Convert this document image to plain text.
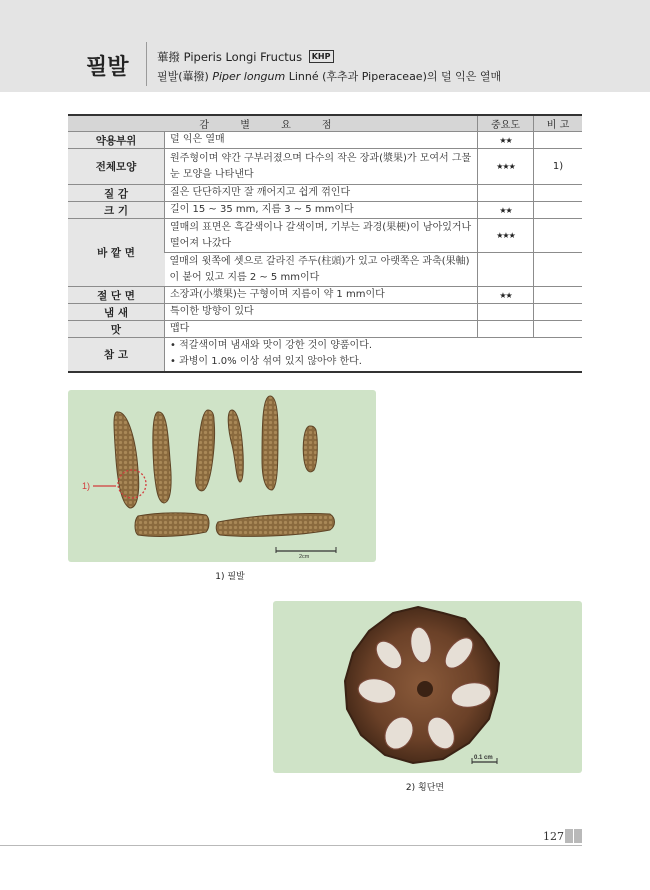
필발 蓽撥 Piperis Longi Fructus KHP
필발(蓽撥) Piper longum Linné (후추과 Piperaceae)의 덜 익은 열매
감 별 요 점		중요도	비 고
약용부위	덜 익은 열매	★★	
전체모양	원주형이며 약간 구부러졌으며 다수의 작은 장과(漿果)가 모여서 그물눈 모양을 나타낸다	★★★	1)
질 감	질은 단단하지만 잘 깨어지고 쉽게 꺾인다		
크 기	길이 15 ~ 35 mm, 지름 3 ~ 5 mm이다	★★	
바 깥 면	열매의 표면은 흑갈색이나 갈색이며, 기부는 과경(果梗)이 남아있거나 떨어져 나갔다	★★★	
	열매의 윗쪽에 셋으로 갈라진 주두(柱頭)가 있고 아랫쪽은 과축(果軸)이 붙어 있고 지름 2 ~ 5 mm이다		
절 단 면	소장과(小漿果)는 구형이며 지름이 약 1 mm이다	★★	
냄 새	특이한 방향이 있다		
맛	맵다		
참 고	• 적갈색이며 냄새와 맛이 강한 것이 양품이다.
• 과병이 1.0% 이상 섞여 있지 않아야 한다.		
1)
2cm
1) 필발
0.1 cm
2) 횡단면
127
